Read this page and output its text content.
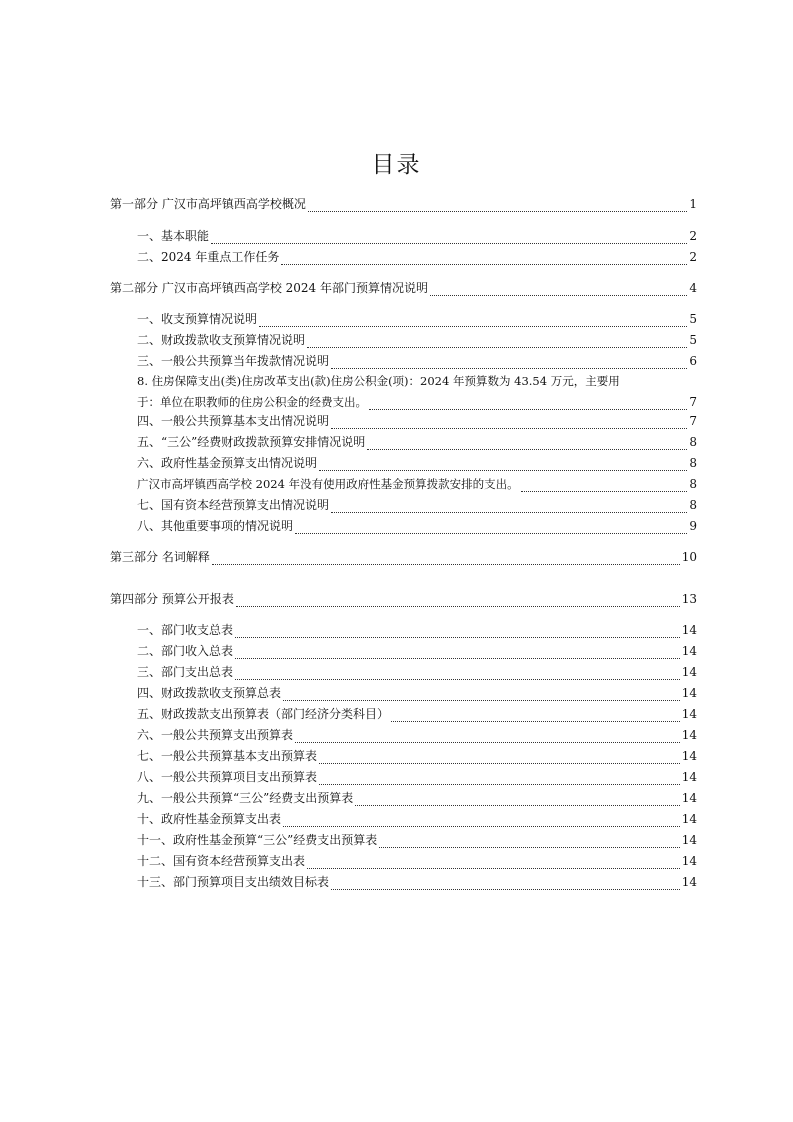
目录
第一部分 广汉市高坪镇西高学校概况	1
一、基本职能	2
二、2024 年重点工作任务	2
第二部分 广汉市高坪镇西高学校 2024 年部门预算情况说明	4
一、收支预算情况说明	5
二、财政拨款收支预算情况说明	5
三、一般公共预算当年拨款情况说明	6
8. 住房保障支出(类)住房改革支出(款)住房公积金(项)：2024 年预算数为 43.54 万元，主要用
于：单位在职教师的住房公积金的经费支出。	7
四、一般公共预算基本支出情况说明	7
五、“三公”经费财政拨款预算安排情况说明	8
六、政府性基金预算支出情况说明	8
广汉市高坪镇西高学校 2024 年没有使用政府性基金预算拨款安排的支出。	8
七、国有资本经营预算支出情况说明	8
八、其他重要事项的情况说明	9
第三部分 名词解释	10
第四部分 预算公开报表	13
一、部门收支总表	14
二、部门收入总表	14
三、部门支出总表	14
四、财政拨款收支预算总表	14
五、财政拨款支出预算表（部门经济分类科目）	14
六、一般公共预算支出预算表	14
七、一般公共预算基本支出预算表	14
八、一般公共预算项目支出预算表	14
九、一般公共预算“三公”经费支出预算表	14
十、政府性基金预算支出表	14
十一、政府性基金预算“三公”经费支出预算表	14
十二、国有资本经营预算支出表	14
十三、部门预算项目支出绩效目标表	14
